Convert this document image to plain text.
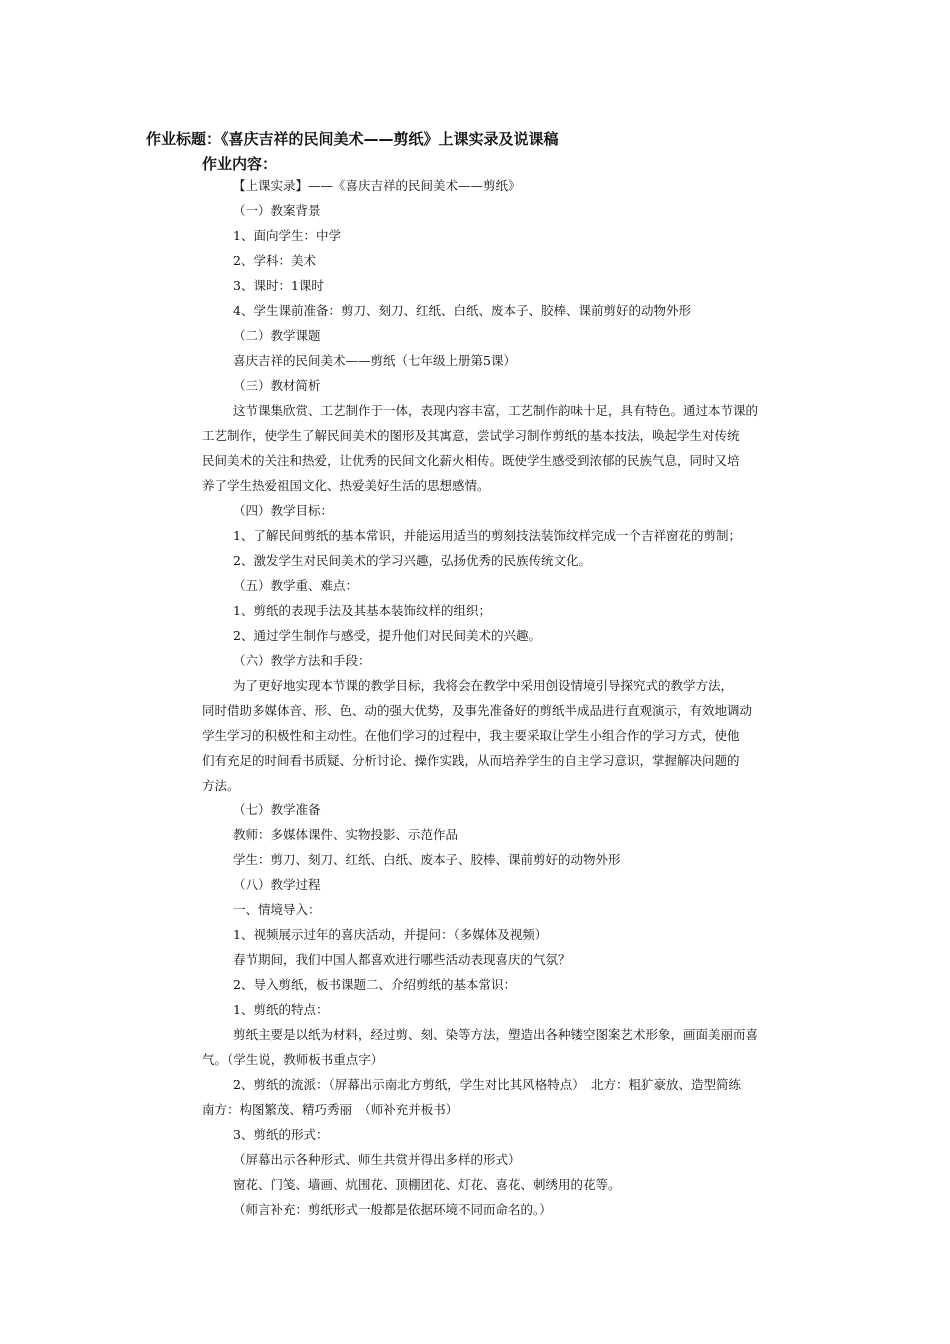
作业标题：《喜庆吉祥的民间美术——剪纸》上课实录及说课稿
作业内容：
【上课实录】——《喜庆吉祥的民间美术——剪纸》
（一）教案背景
1、面向学生：中学
2、学科：美术
3、课时：1课时
4、学生课前准备：剪刀、刻刀、红纸、白纸、废本子、胶棒、课前剪好的动物外形
（二）教学课题
喜庆吉祥的民间美术——剪纸（七年级上册第5课）
（三）教材简析
这节课集欣赏、工艺制作于一体，表现内容丰富，工艺制作韵味十足，具有特色。通过本节课的
工艺制作，使学生了解民间美术的图形及其寓意，尝试学习制作剪纸的基本技法，唤起学生对传统
民间美术的关注和热爱，让优秀的民间文化薪火相传。既使学生感受到浓郁的民族气息，同时又培
养了学生热爱祖国文化、热爱美好生活的思想感情。
（四）教学目标：
1、了解民间剪纸的基本常识，并能运用适当的剪刻技法装饰纹样完成一个吉祥窗花的剪制；
2、激发学生对民间美术的学习兴趣，弘扬优秀的民族传统文化。
（五）教学重、难点：
1、剪纸的表现手法及其基本装饰纹样的组织；
2、通过学生制作与感受，提升他们对民间美术的兴趣。
（六）教学方法和手段：
为了更好地实现本节课的教学目标，我将会在教学中采用创设情境引导探究式的教学方法，
同时借助多媒体音、形、色、动的强大优势，及事先准备好的剪纸半成品进行直观演示，有效地调动
学生学习的积极性和主动性。在他们学习的过程中，我主要采取让学生小组合作的学习方式，使他
们有充足的时间看书质疑、分析讨论、操作实践，从而培养学生的自主学习意识，掌握解决问题的
方法。
（七）教学准备
教师：多媒体课件、实物投影、示范作品
学生：剪刀、刻刀、红纸、白纸、废本子、胶棒、课前剪好的动物外形
（八）教学过程
一、情境导入：
1、视频展示过年的喜庆活动，并提问：（多媒体及视频）
春节期间，我们中国人都喜欢进行哪些活动表现喜庆的气氛？
2、导入剪纸，板书课题二、介绍剪纸的基本常识：
1、剪纸的特点：
剪纸主要是以纸为材料，经过剪、刻、染等方法，塑造出各种镂空图案艺术形象，画面美丽而喜
气。（学生说，教师板书重点字）
2、剪纸的流派：（屏幕出示南北方剪纸，学生对比其风格特点）　北方：粗犷豪放、造型简练
南方：构图繁茂、精巧秀丽　（师补充并板书）
3、剪纸的形式：
（屏幕出示各种形式、师生共赏并得出多样的形式）
窗花、门笺、墙画、炕围花、顶棚团花、灯花、喜花、刺绣用的花等。
（师言补充：剪纸形式一般都是依据环境不同而命名的。）
